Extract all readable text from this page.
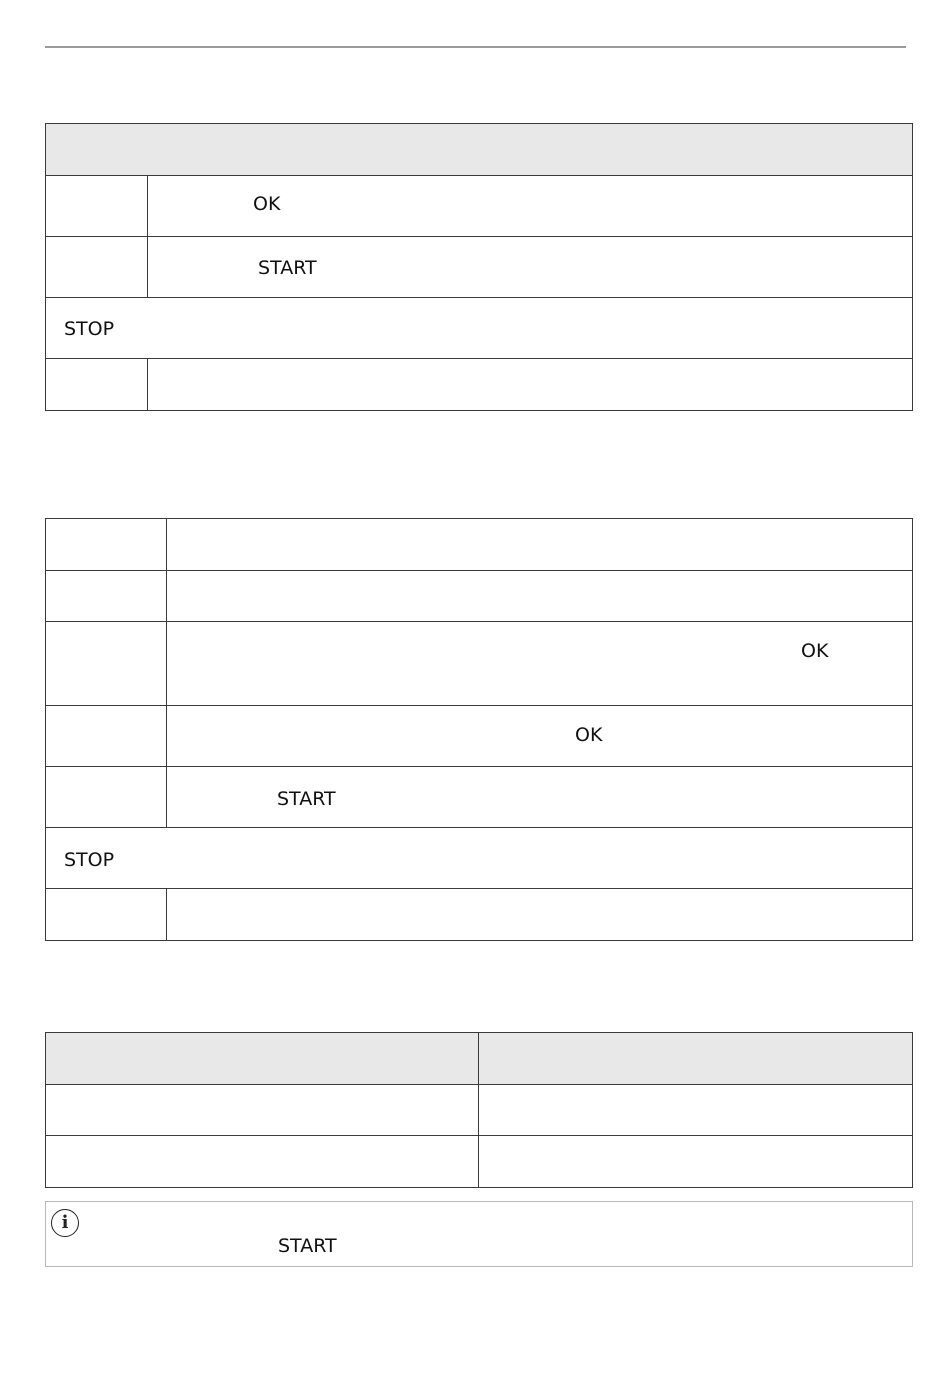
OK
START
STOP
OK
OK
START
STOP
i
START
